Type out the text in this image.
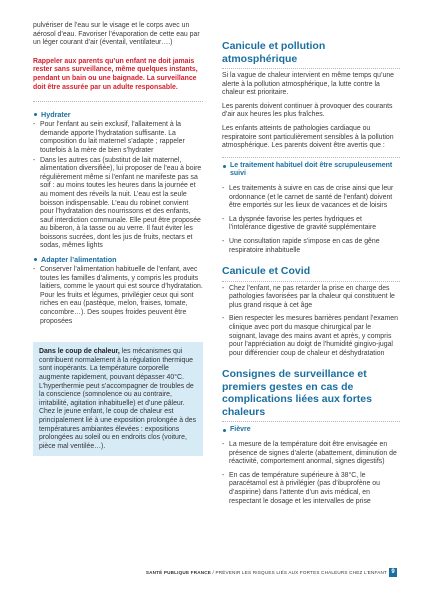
pulvériser de l’eau sur le visage et le corps avec un aérosol d’eau. Favoriser l’évaporation de cette eau par un léger courant d’air (éventail, ventilateur….)

Rappeler aux parents qu’un enfant ne doit jamais rester sans surveillance, même quelques instants, pendant un bain ou une baignade. La surveillance doit être assurée par un adulte responsable.

Hydrater
- Pour l’enfant au sein exclusif, l’allaitement à la demande apporte l’hydratation suffisante. La composition du lait maternel s’adapte ; rappeler toutefois à la mère de bien s’hydrater
- Dans les autres cas (substitut de lait maternel, alimentation diversifiée), lui proposer de l’eau à boire régulièrement même si l’enfant ne manifeste pas sa soif : au moins toutes les heures dans la journée et au moment des réveils la nuit. L’eau est la seule boisson indispensable. L’eau du robinet convient pour l’hydratation des nourrissons et des enfants, sauf interdiction communale. Elle peut être proposée au biberon, à la tasse ou au verre. Il faut éviter les boissons sucrées, dont les jus de fruits, nectars et sodas, mêmes lights
Adapter l’alimentation
- Conserver l’alimentation habituelle de l’enfant, avec toutes les familles d’aliments, y compris les produits laitiers, comme le yaourt qui est source d’hydratation. Pour les fruits et légumes, privilégier ceux qui sont riches en eau (pastèque, melon, fraises, tomate, concombre…). Des soupes froides peuvent être proposées
Dans le coup de chaleur, les mécanismes qui contribuent normalement à la régulation thermique sont inopérants. La température corporelle augmente rapidement, pouvant dépasser 40°C. L’hyperthermie peut s’accompagner de troubles de la conscience (somnolence ou au contraire, irritabilité, agitation inhabituelle) et d’une pâleur. Chez le jeune enfant, le coup de chaleur est principalement lié à une exposition prolongée à des températures ambiantes élevées : expositions prolongées au soleil ou en endroits clos (voiture, pièce mal ventilée…).
Canicule et pollution atmosphérique

Si la vague de chaleur intervient en même temps qu’une alerte à la pollution atmosphérique, la lutte contre la chaleur est prioritaire.

Les parents doivent continuer à provoquer des courants d’air aux heures les plus fraîches.

Les enfants atteints de pathologies cardiaque ou respiratoire sont particulièrement sensibles à la pollution atmosphérique. Les parents doivent être avertis que :

Le traitement habituel doit être scrupuleusement suivi
- Les traitements à suivre en cas de crise ainsi que leur ordonnance (et le carnet de santé de l’enfant) doivent être emportés sur les lieux de vacances et de loisirs
- La dyspnée favorise les pertes hydriques et l’intolérance digestive de gravité supplémentaire
- Une consultation rapide s’impose en cas de gêne respiratoire inhabituelle
Canicule et Covid
- Chez l’enfant, ne pas retarder la prise en charge des pathologies favorisées par la chaleur qui constituent le plus grand risque à cet âge
- Bien respecter les mesures barrières pendant l’examen clinique avec port du masque chirurgical par le soignant, lavage des mains avant et après, y compris pour l’appréciation au doigt de l’humidité gingivo-jugal pour différencier coup de chaleur et déshydratation
Consignes de surveillance et premiers gestes en cas de complications liées aux fortes chaleurs
Fièvre
- La mesure de la température doit être envisagée en présence de signes d’alerte (abattement, diminution de réactivité, comportement anormal, signes digestifs)
- En cas de température supérieure à 38°C, le paracétamol est à privilégier (pas d’ibuprofène ou d’aspirine) dans l’attente d’un avis médical, en respectant le dosage et les intervalles de prise
SANTÉ PUBLIQUE FRANCE / PRÉVENIR LES RISQUES LIÉS AUX FORTES CHALEURS CHEZ L’ENFANT 9
